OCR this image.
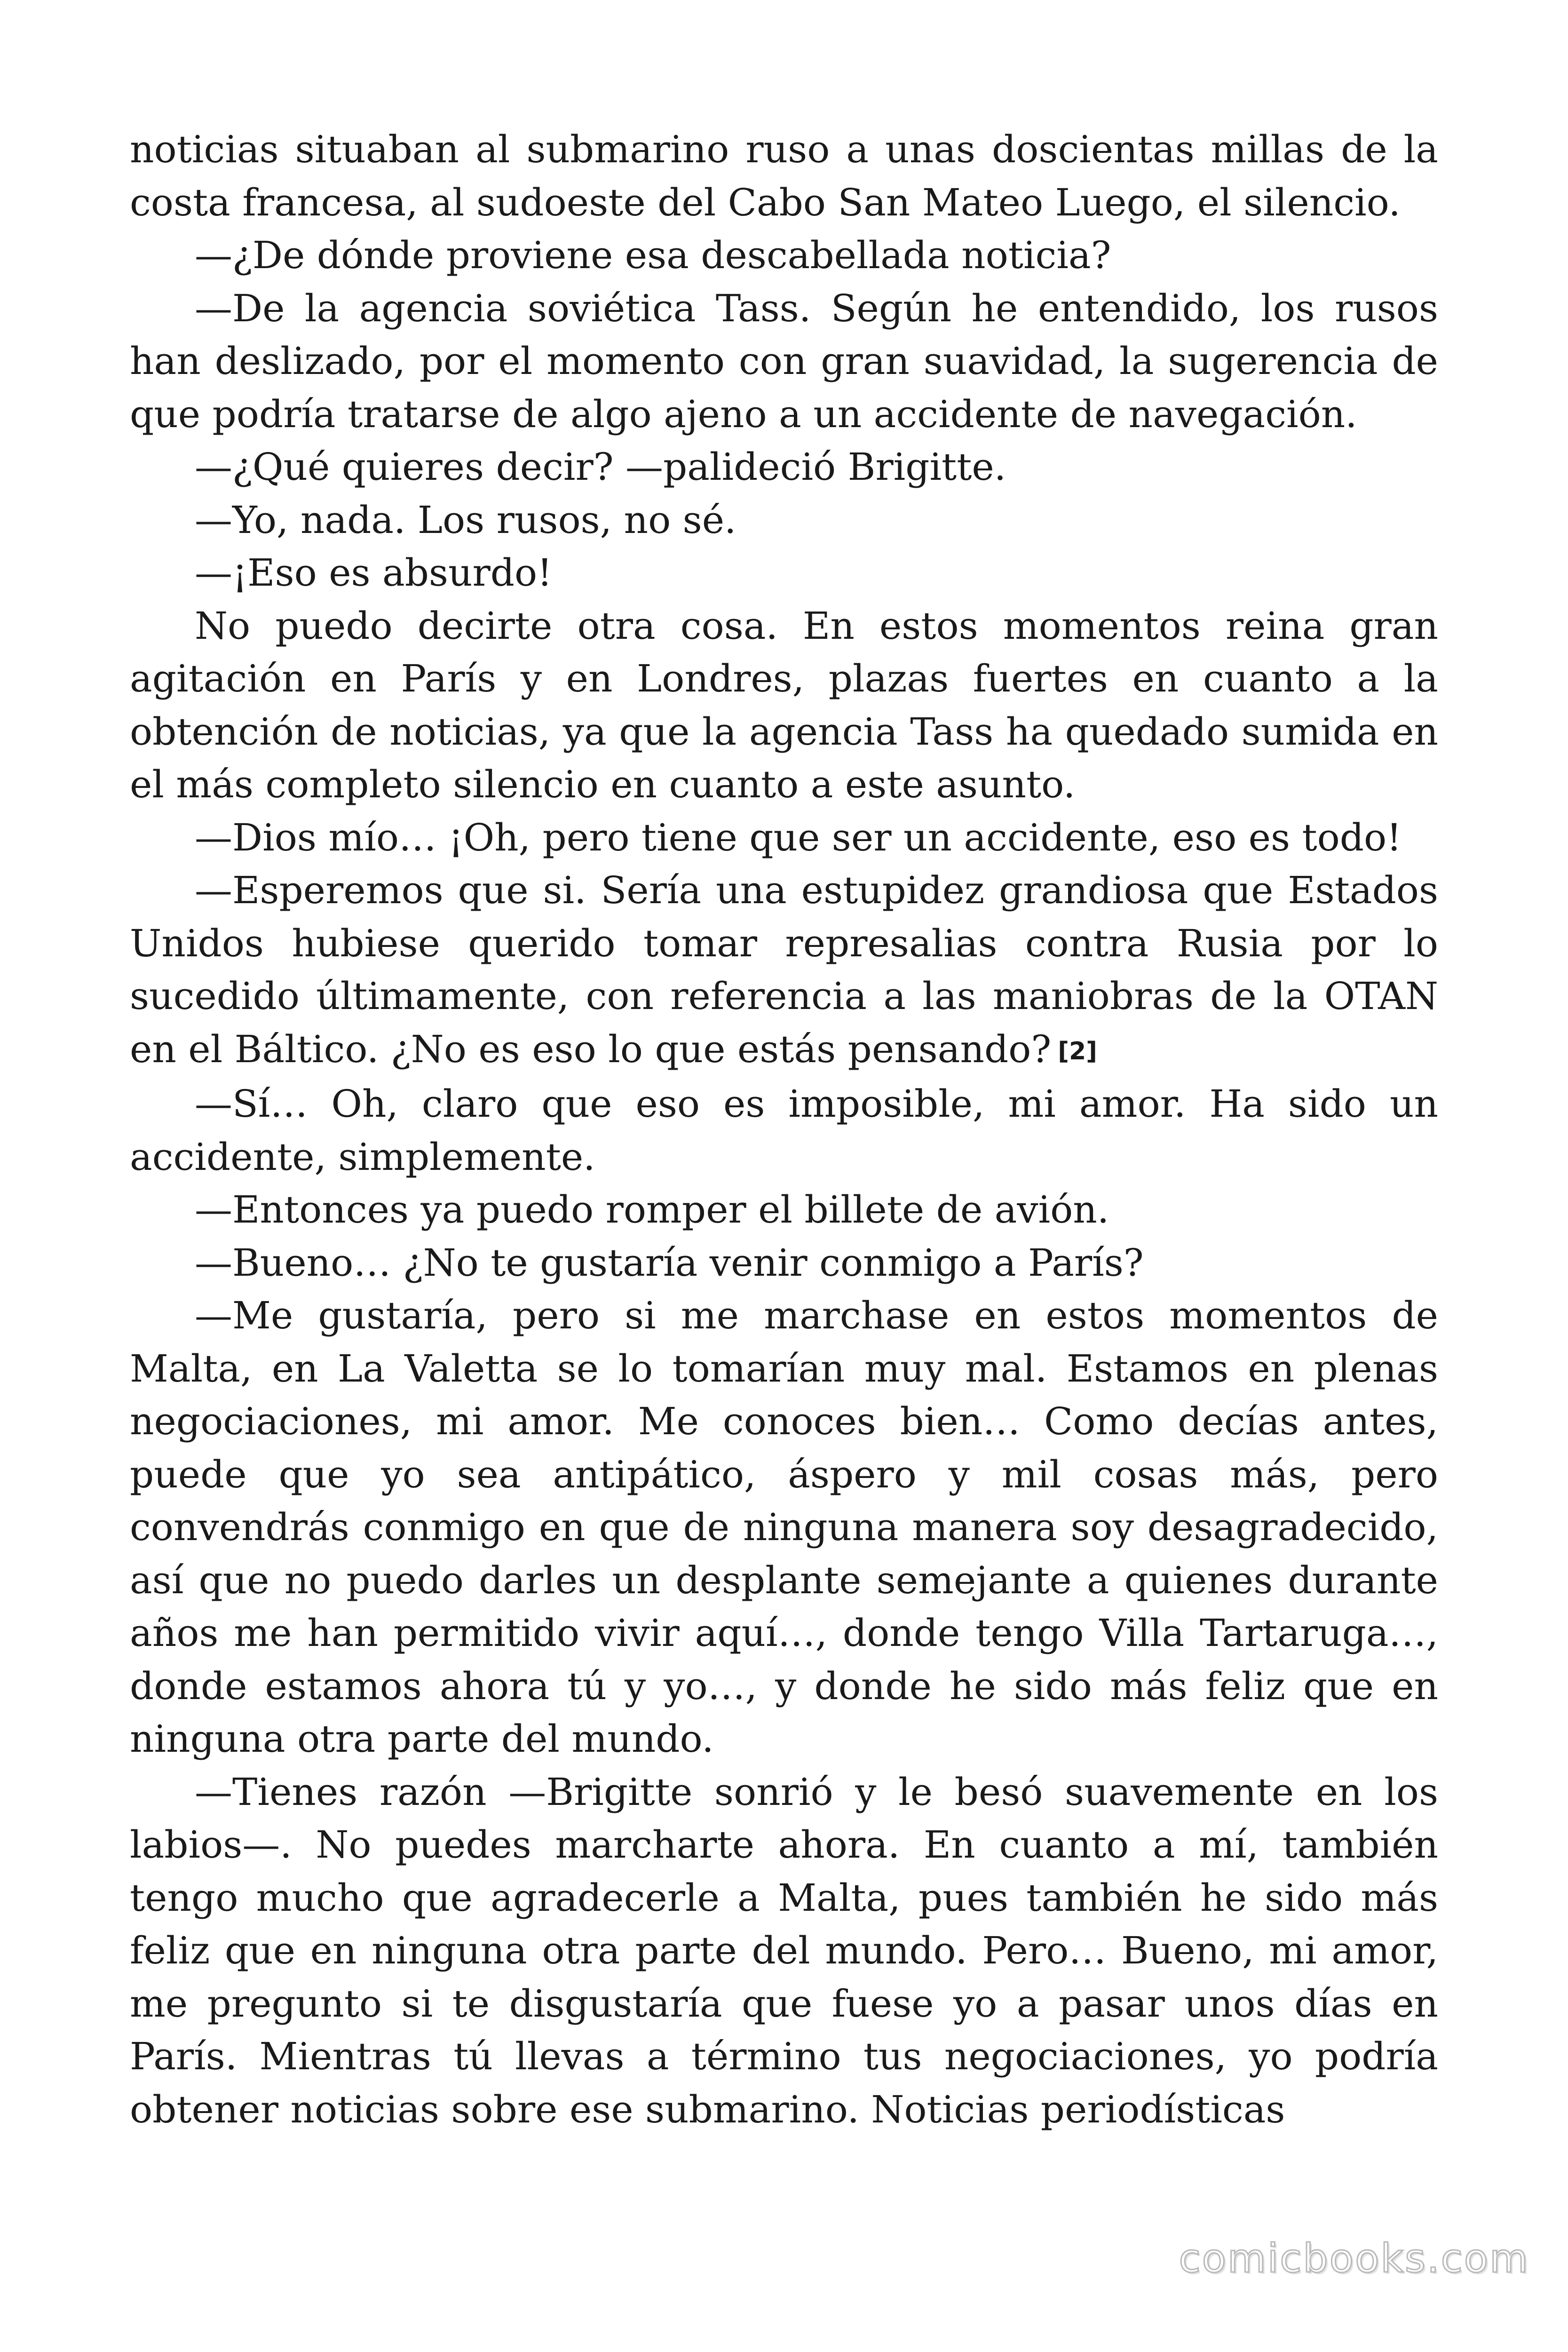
noticias situaban al submarino ruso a unas doscientas millas de la costa francesa, al sudoeste del Cabo San Mateo Luego, el silencio.

—¿De dónde proviene esa descabellada noticia?

—De la agencia soviética Tass. Según he entendido, los rusos han deslizado, por el momento con gran suavidad, la sugerencia de que podría tratarse de algo ajeno a un accidente de navegación.

—¿Qué quieres decir? —palideció Brigitte.

—Yo, nada. Los rusos, no sé.

—¡Eso es absurdo!

No puedo decirte otra cosa. En estos momentos reina gran agitación en París y en Londres, plazas fuertes en cuanto a la obtención de noticias, ya que la agencia Tass ha quedado sumida en el más completo silencio en cuanto a este asunto.

—Dios mío… ¡Oh, pero tiene que ser un accidente, eso es todo!

—Esperemos que si. Sería una estupidez grandiosa que Estados Unidos hubiese querido tomar represalias contra Rusia por lo sucedido últimamente, con referencia a las maniobras de la OTAN en el Báltico. ¿No es eso lo que estás pensando? [2]

—Sí… Oh, claro que eso es imposible, mi amor. Ha sido un accidente, simplemente.

—Entonces ya puedo romper el billete de avión.

—Bueno… ¿No te gustaría venir conmigo a París?

—Me gustaría, pero si me marchase en estos momentos de Malta, en La Valetta se lo tomarían muy mal. Estamos en plenas negociaciones, mi amor. Me conoces bien… Como decías antes, puede que yo sea antipático, áspero y mil cosas más, pero convendrás conmigo en que de ninguna manera soy desagradecido, así que no puedo darles un desplante semejante a quienes durante años me han permitido vivir aquí…, donde tengo Villa Tartaruga…, donde estamos ahora tú y yo…, y donde he sido más feliz que en ninguna otra parte del mundo.

—Tienes razón —Brigitte sonrió y le besó suavemente en los labios—. No puedes marcharte ahora. En cuanto a mí, también tengo mucho que agradecerle a Malta, pues también he sido más feliz que en ninguna otra parte del mundo. Pero… Bueno, mi amor, me pregunto si te disgustaría que fuese yo a pasar unos días en París. Mientras tú llevas a término tus negociaciones, yo podría obtener noticias sobre ese submarino. Noticias periodísticas

comicbooks.com
